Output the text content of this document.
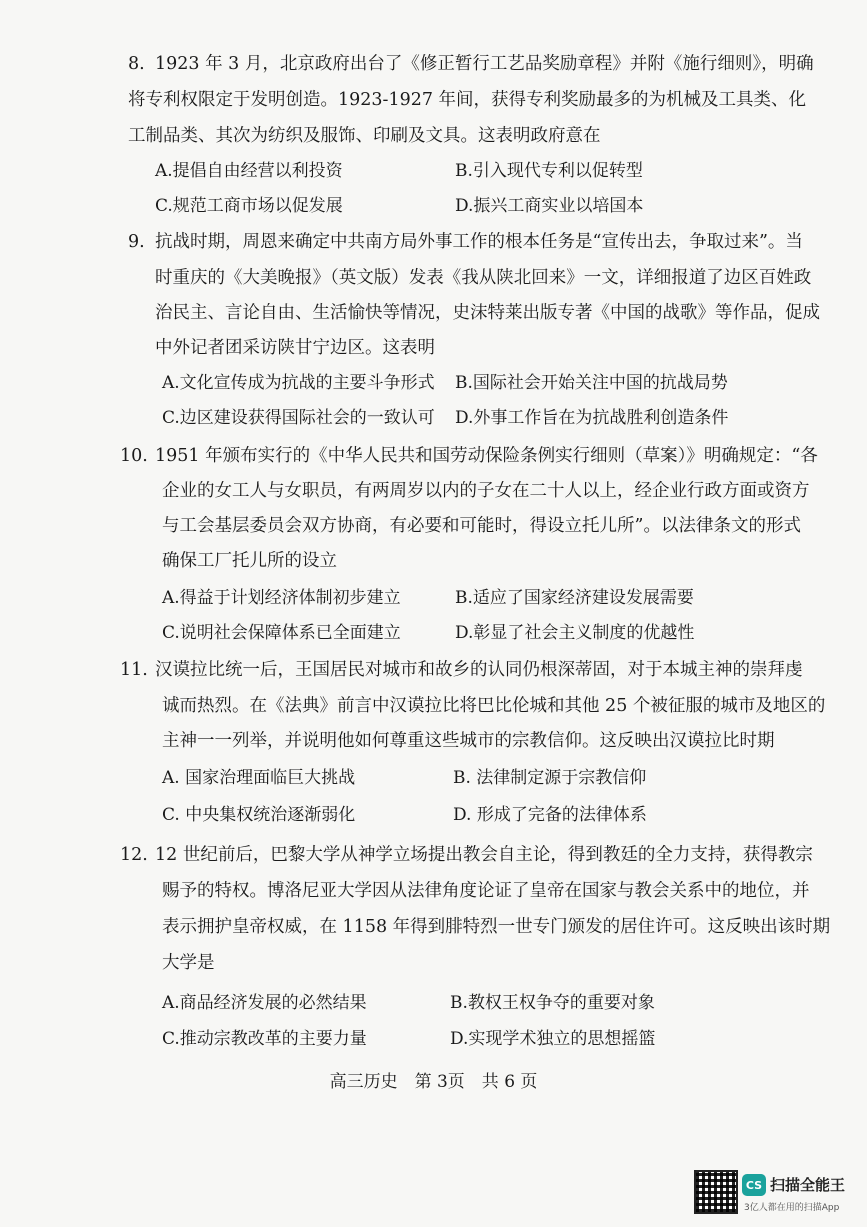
8. 1923 年 3 月，北京政府出台了《修正暂行工艺品奖励章程》并附《施行细则》，明确
将专利权限定于发明创造。1923-1927 年间，获得专利奖励最多的为机械及工具类、化
工制品类、其次为纺织及服饰、印刷及文具。这表明政府意在
A.提倡自由经营以利投资	B.引入现代专利以促转型
C.规范工商市场以促发展	D.振兴工商实业以培国本
9. 抗战时期，周恩来确定中共南方局外事工作的根本任务是“宣传出去，争取过来”。当
时重庆的《大美晚报》（英文版）发表《我从陕北回来》一文，详细报道了边区百姓政
治民主、言论自由、生活愉快等情况，史沫特莱出版专著《中国的战歌》等作品，促成
中外记者团采访陕甘宁边区。这表明
A.文化宣传成为抗战的主要斗争形式 B.国际社会开始关注中国的抗战局势
C.边区建设获得国际社会的一致认可 D.外事工作旨在为抗战胜利创造条件
10. 1951 年颁布实行的《中华人民共和国劳动保险条例实行细则（草案）》明确规定：“各
企业的女工人与女职员，有两周岁以内的子女在二十人以上，经企业行政方面或资方
与工会基层委员会双方协商，有必要和可能时，得设立托儿所”。以法律条文的形式
确保工厂托儿所的设立
A.得益于计划经济体制初步建立	B.适应了国家经济建设发展需要
C.说明社会保障体系已全面建立	D.彰显了社会主义制度的优越性
11. 汉谟拉比统一后，王国居民对城市和故乡的认同仍根深蒂固，对于本城主神的崇拜虔
诚而热烈。在《法典》前言中汉谟拉比将巴比伦城和其他 25 个被征服的城市及地区的
主神一一列举，并说明他如何尊重这些城市的宗教信仰。这反映出汉谟拉比时期
A. 国家治理面临巨大挑战	B. 法律制定源于宗教信仰
C. 中央集权统治逐渐弱化	D. 形成了完备的法律体系
12. 12 世纪前后，巴黎大学从神学立场提出教会自主论，得到教廷的全力支持，获得教宗
赐予的特权。博洛尼亚大学因从法律角度论证了皇帝在国家与教会关系中的地位，并
表示拥护皇帝权威，在 1158 年得到腓特烈一世专门颁发的居住许可。这反映出该时期
大学是
A.商品经济发展的必然结果	B.教权王权争夺的重要对象
C.推动宗教改革的主要力量	D.实现学术独立的思想摇篮
高三历史　第 3页　共 6 页
CS 扫描全能王
3亿人都在用的扫描App
